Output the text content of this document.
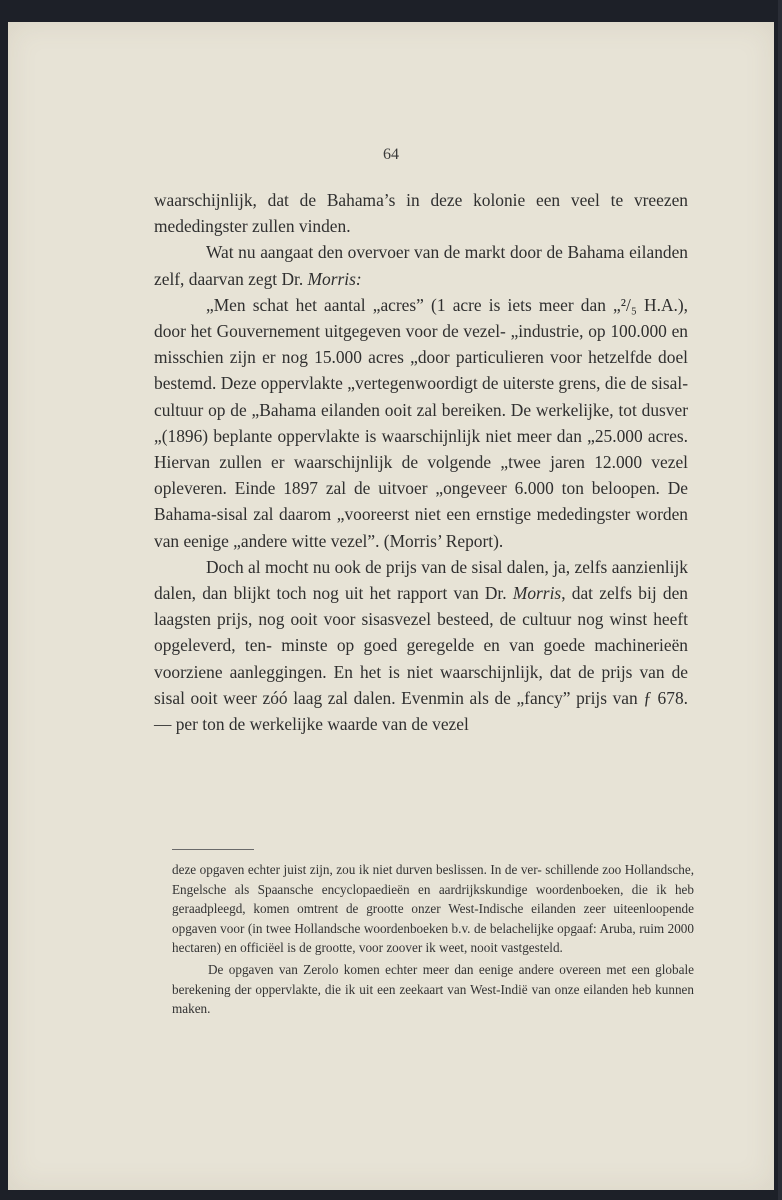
64

waarschijnlijk, dat de Bahama’s in deze kolonie een veel te vreezen mededingster zullen vinden.

Wat nu aangaat den overvoer van de markt door de Bahama eilanden zelf, daarvan zegt Dr. Morris:

„Men schat het aantal „acres” (1 acre is iets meer dan „²/₅ H.A.), door het Gouvernement uitgegeven voor de vezel- „industrie, op 100.000 en misschien zijn er nog 15.000 acres „door particulieren voor hetzelfde doel bestemd. Deze oppervlakte „vertegenwoordigt de uiterste grens, die de sisal-cultuur op de „Bahama eilanden ooit zal bereiken. De werkelijke, tot dusver „(1896) beplante oppervlakte is waarschijnlijk niet meer dan „25.000 acres. Hiervan zullen er waarschijnlijk de volgende „twee jaren 12.000 vezel opleveren. Einde 1897 zal de uitvoer „ongeveer 6.000 ton beloopen. De Bahama-sisal zal daarom „vooreerst niet een ernstige mededingster worden van eenige „andere witte vezel”. (Morris’ Report).

Doch al mocht nu ook de prijs van de sisal dalen, ja, zelfs aanzienlijk dalen, dan blijkt toch nog uit het rapport van Dr. Morris, dat zelfs bij den laagsten prijs, nog ooit voor sisasvezel besteed, de cultuur nog winst heeft opgeleverd, ten- minste op goed geregelde en van goede machinerieën voorziene aanleggingen. En het is niet waarschijnlijk, dat de prijs van de sisal ooit weer zóó laag zal dalen. Evenmin als de „fancy” prijs van ƒ 678.— per ton de werkelijke waarde van de vezel

deze opgaven echter juist zijn, zou ik niet durven beslissen. In de ver- schillende zoo Hollandsche, Engelsche als Spaansche encyclopaedieën en aardrijkskundige woordenboeken, die ik heb geraadpleegd, komen omtrent de grootte onzer West-Indische eilanden zeer uiteenloopende opgaven voor (in twee Hollandsche woordenboeken b.v. de belachelijke opgaaf: Aruba, ruim 2000 hectaren) en officiëel is de grootte, voor zoover ik weet, nooit vastgesteld.

De opgaven van Zerolo komen echter meer dan eenige andere overeen met een globale berekening der oppervlakte, die ik uit een zeekaart van West-Indië van onze eilanden heb kunnen maken.
